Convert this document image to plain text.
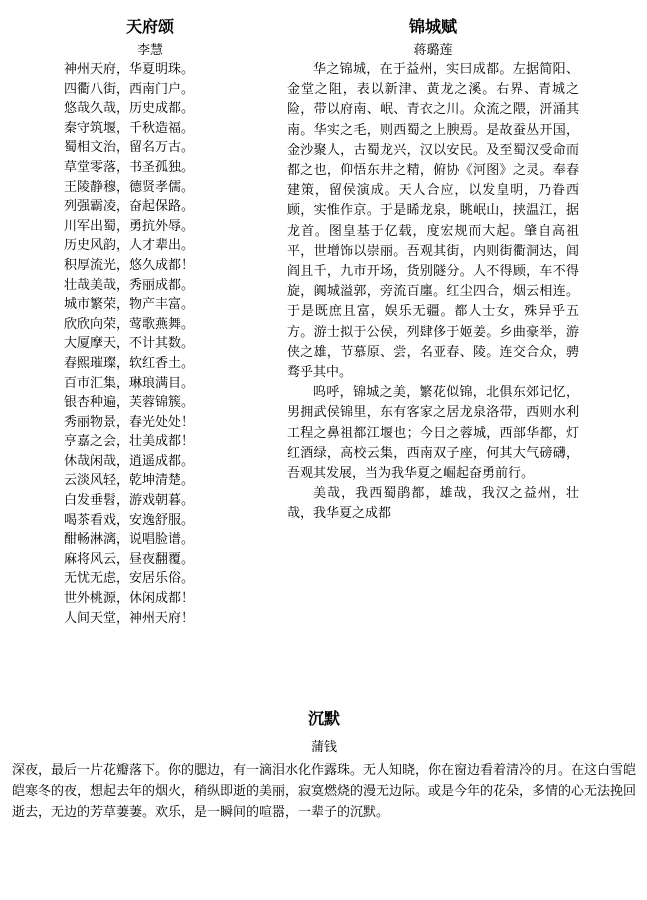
天府颂
李慧
神州天府，华夏明珠。
四衢八街，西南门户。
悠哉久哉，历史成都。
秦守筑堰，千秋造福。
蜀相文治，留名万古。
草堂零落，书圣孤独。
王陵静穆，德贤孝儒。
列强霸凌，奋起保路。
川军出蜀，勇抗外辱。
历史风韵，人才辈出。
积厚流光，悠久成都！
壮哉美哉，秀丽成都。
城市繁荣，物产丰富。
欣欣向荣，莺歌燕舞。
大厦摩天，不计其数。
春熙璀璨，软红香土。
百市汇集，琳琅满目。
银杏种遍，芙蓉锦簇。
秀丽物景，春光处处！
亨嘉之会，壮美成都！
休哉闲哉，逍遥成都。
云淡风轻，乾坤清楚。
白发垂髫，游戏朝暮。
喝茶看戏，安逸舒服。
酣畅淋漓，说唱脸谱。
麻将风云，昼夜翻覆。
无忧无虑，安居乐俗。
世外桃源，休闲成都！
人间天堂，神州天府！
锦城赋
蒋璐莲

华之锦城，在于益州，实曰成都。左据简阳、金堂之阻，表以新津、黄龙之溪。右界、青城之险，带以府南、岷、青衣之川。众流之隈，汧涌其南。华实之毛，则西蜀之上腴焉。是故蚕丛开国，金沙聚人，古蜀龙兴，汉以安民。及至蜀汉受命而都之也，仰悟东井之精，俯协《河图》之灵。奉春建策，留侯演成。天人合应，以发皇明，乃眷西顾，实惟作京。于是睎龙泉，眺岷山，挟温江，据龙首。图皇基于亿载，度宏规而大起。肇自高祖平，世增饰以崇丽。吾观其街，内则街衢洞达，闾阎且千，九市开场，货别隧分。人不得顾，车不得旋，阗城溢郭，旁流百廛。红尘四合，烟云相连。于是既庶且富，娱乐无疆。都人士女，殊异乎五方。游士拟于公侯，列肆侈于姬姜。乡曲豪举，游侠之雄，节慕原、尝，名亚春、陵。连交合众，骋骛乎其中。

呜呼，锦城之美，繁花似锦，北俱东郊记忆，男拥武侯锦里，东有客家之居龙泉洛带，西则水利工程之鼻祖都江堰也；今日之蓉城，西部华都，灯红酒绿，高校云集，西南双子座，何其大气磅礴，吾观其发展，当为我华夏之崛起奋勇前行。

美哉，我西蜀鹃都，雄哉，我汉之益州，壮哉，我华夏之成都

沉默
蒲钱

深夜，最后一片花瓣落下。你的腮边，有一滴泪水化作露珠。无人知晓，你在窗边看着清冷的月。在这白雪皑皑寒冬的夜，想起去年的烟火，稍纵即逝的美丽，寂寞燃烧的漫无边际。或是今年的花朵，多情的心无法挽回逝去，无边的芳草萋萋。欢乐，是一瞬间的喧嚣，一辈子的沉默。
